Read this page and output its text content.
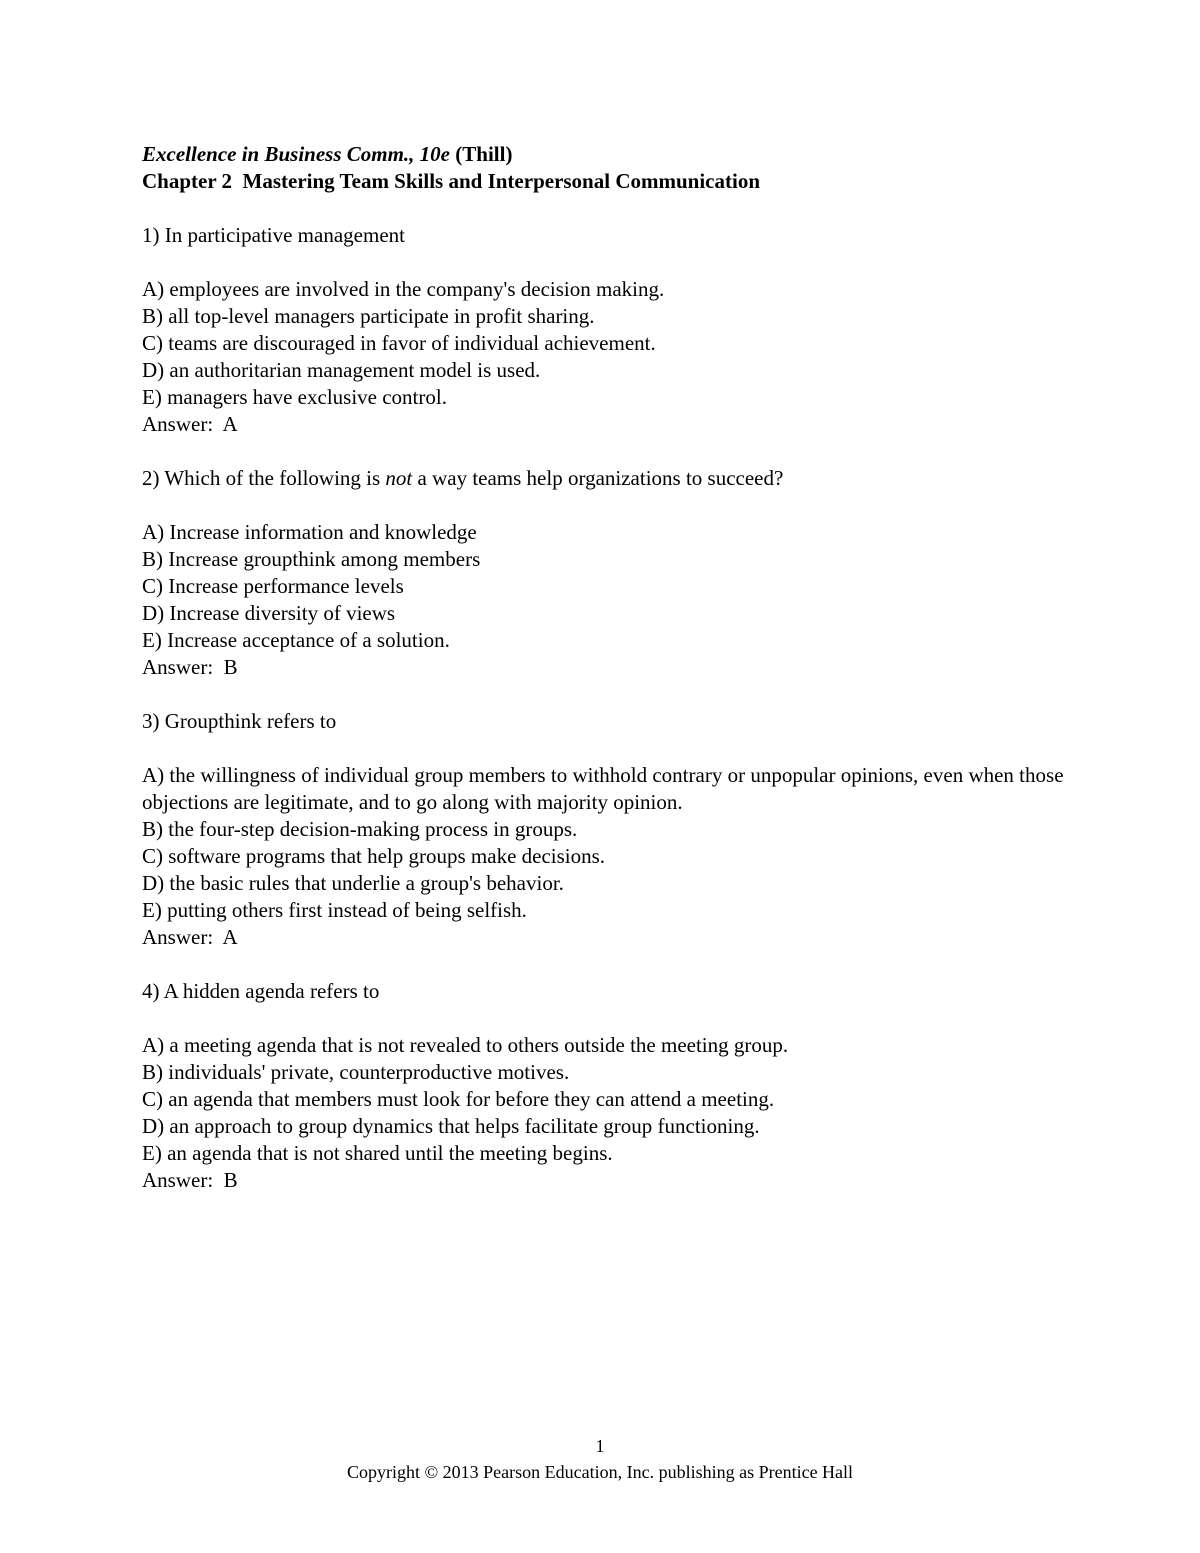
Excellence in Business Comm., 10e (Thill)
Chapter 2  Mastering Team Skills and Interpersonal Communication
1) In participative management
A) employees are involved in the company's decision making.
B) all top-level managers participate in profit sharing.
C) teams are discouraged in favor of individual achievement.
D) an authoritarian management model is used.
E) managers have exclusive control.
Answer:  A
2) Which of the following is not a way teams help organizations to succeed?
A) Increase information and knowledge
B) Increase groupthink among members
C) Increase performance levels
D) Increase diversity of views
E) Increase acceptance of a solution.
Answer:  B
3) Groupthink refers to
A) the willingness of individual group members to withhold contrary or unpopular opinions, even when those objections are legitimate, and to go along with majority opinion.
B) the four-step decision-making process in groups.
C) software programs that help groups make decisions.
D) the basic rules that underlie a group's behavior.
E) putting others first instead of being selfish.
Answer:  A
4) A hidden agenda refers to
A) a meeting agenda that is not revealed to others outside the meeting group.
B) individuals' private, counterproductive motives.
C) an agenda that members must look for before they can attend a meeting.
D) an approach to group dynamics that helps facilitate group functioning.
E) an agenda that is not shared until the meeting begins.
Answer:  B
1
Copyright © 2013 Pearson Education, Inc. publishing as Prentice Hall
